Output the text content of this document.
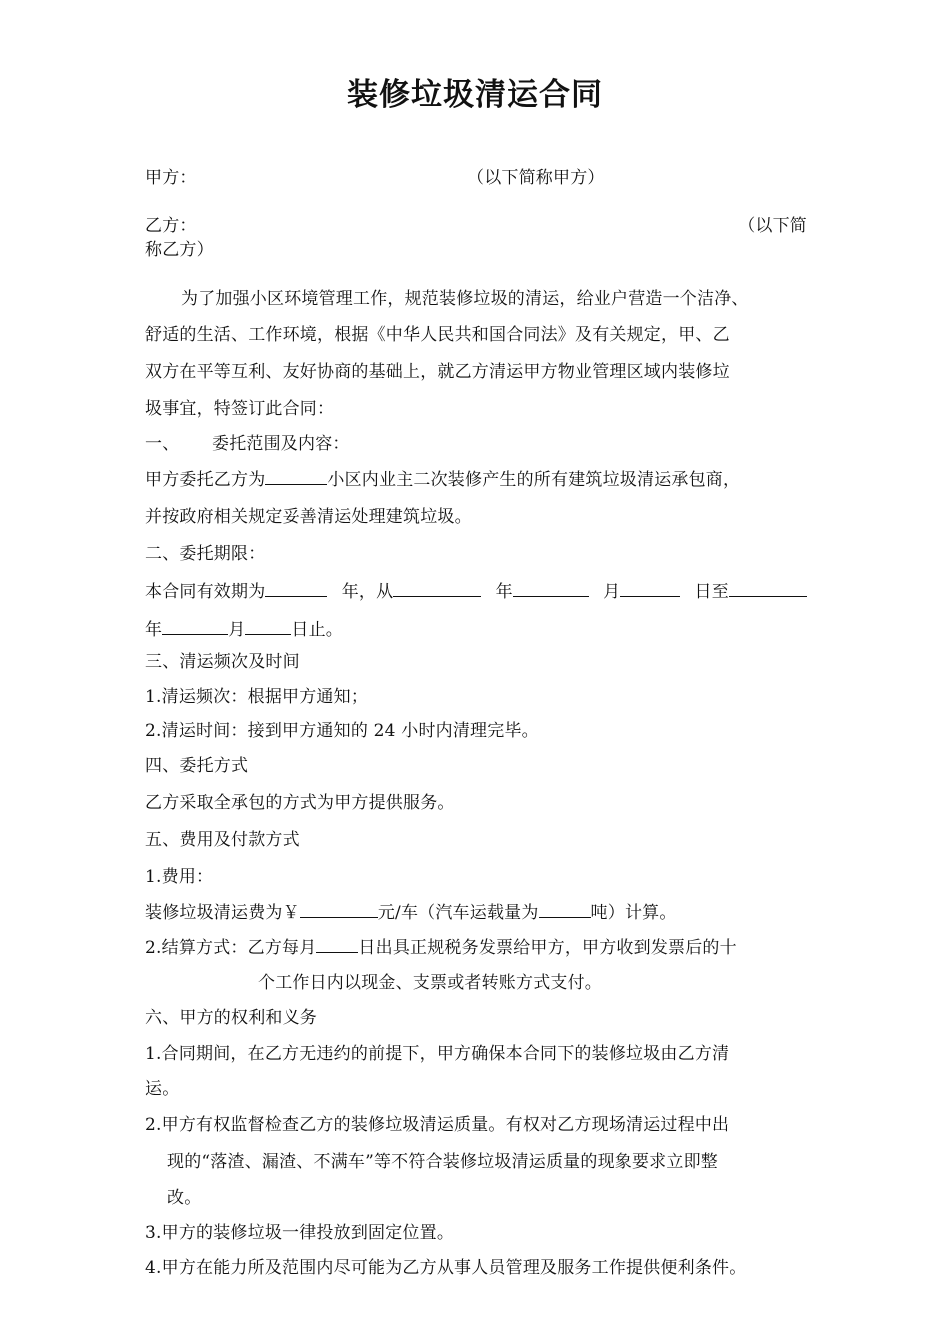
装修垃圾清运合同
甲方：	（以下简称甲方）
乙方：	（以下简
称乙方）
为了加强小区环境管理工作，规范装修垃圾的清运，给业户营造一个洁净、
舒适的生活、工作环境，根据《中华人民共和国合同法》及有关规定，甲、乙
双方在平等互利、友好协商的基础上，就乙方清运甲方物业管理区域内装修垃
圾事宜，特签订此合同：
一、 委托范围及内容：
甲方委托乙方为	小区内业主二次装修产生的所有建筑垃圾清运承包商，
并按政府相关规定妥善清运处理建筑垃圾。
二、委托期限：
本合同有效期为	年，从	年	月	日至
年	月	日止。
三、清运频次及时间
1.清运频次：根据甲方通知；
2.清运时间：接到甲方通知的 24 小时内清理完毕。
四、委托方式
乙方采取全承包的方式为甲方提供服务。
五、费用及付款方式
1.费用：
装修垃圾清运费为￥	元/车（汽车运载量为	吨）计算。
2.结算方式：乙方每月 日出具正规税务发票给甲方，甲方收到发票后的十
个工作日内以现金、支票或者转账方式支付。
六、甲方的权利和义务
1.合同期间，在乙方无违约的前提下，甲方确保本合同下的装修垃圾由乙方清
运。
2.甲方有权监督检查乙方的装修垃圾清运质量。有权对乙方现场清运过程中出
现的“落渣、漏渣、不满车”等不符合装修垃圾清运质量的现象要求立即整
改。
3.甲方的装修垃圾一律投放到固定位置。
4.甲方在能力所及范围内尽可能为乙方从事人员管理及服务工作提供便利条件。
